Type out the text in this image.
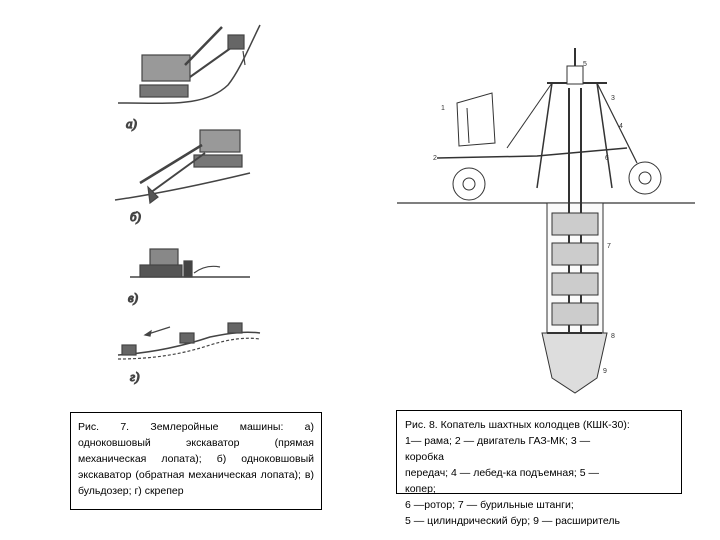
а)
б)
в)
г)
1
2
3
4
5
6
7
8
9
Рис. 7. Землеройные машины: а) одноковшовый экскаватор (прямая механическая лопата); б) одноковшовый экскаватор (обратная механическая лопата); в) бульдозер; г) скрепер
Рис. 8. Копатель шахтных колодцев (КШК-30):
1— рама; 2 — двигатель ГАЗ-МК; 3 —
коробка
передач; 4 — лебед-ка подъемная; 5 —
копер;
6 —ротор; 7 — бурильные штанги;
5 — цилиндрический бур; 9 — расширитель
